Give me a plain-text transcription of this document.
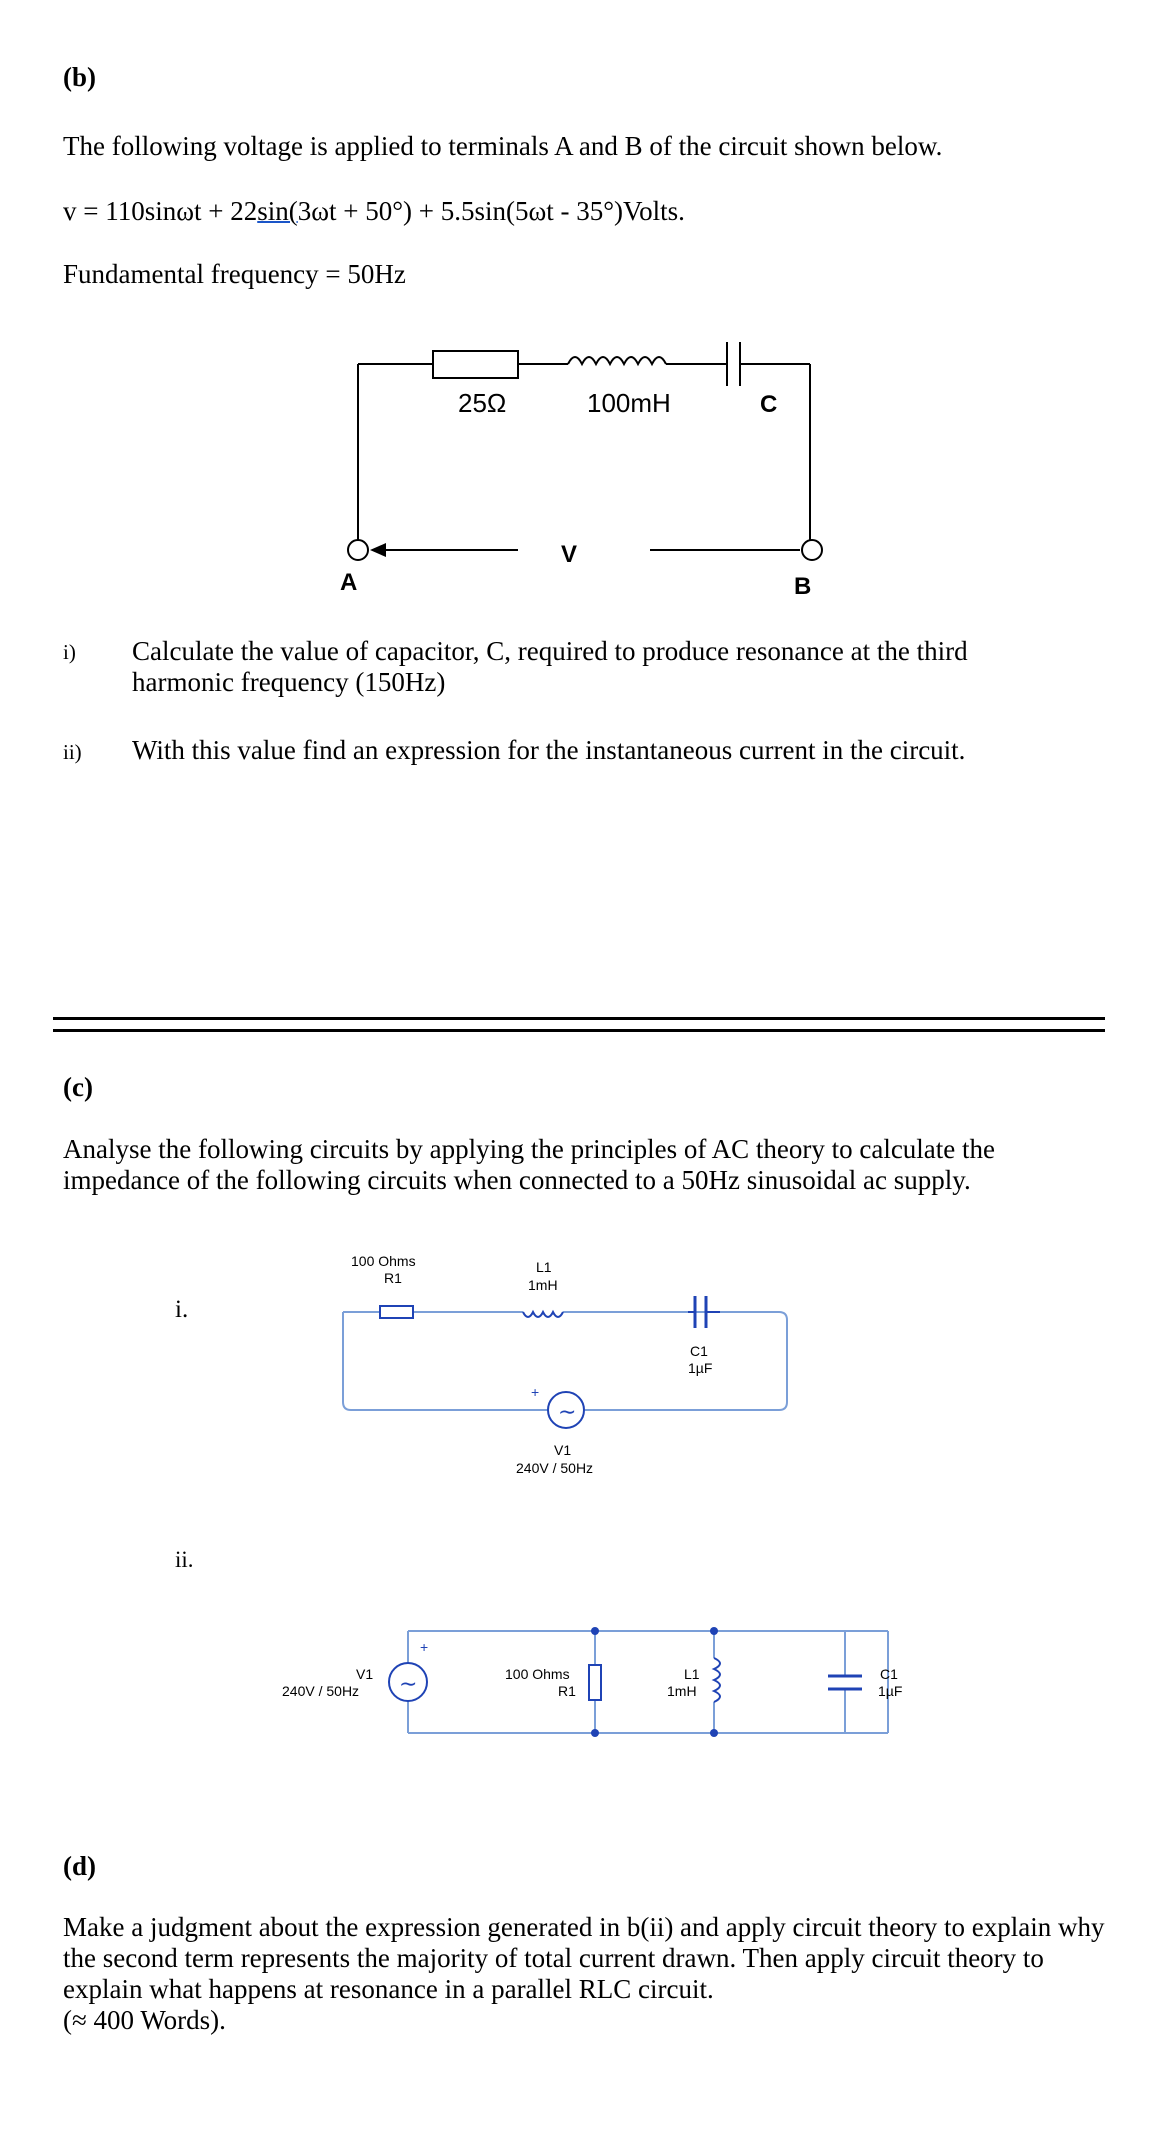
(b)
The following voltage is applied to terminals A and B of the circuit shown below.
v = 110sinωt + 22sin(3ωt + 50°) + 5.5sin(5ωt - 35°)Volts.
Fundamental frequency = 50Hz
25Ω	100mH	C
V
A	B
i) Calculate the value of capacitor, C, required to produce resonance at the third harmonic frequency (150Hz)
ii) With this value find an expression for the instantaneous current in the circuit.
(c)
Analyse the following circuits by applying the principles of AC theory to calculate the impedance of the following circuits when connected to a 50Hz sinusoidal ac supply.
i.
∼
+
100 Ohms
R1
L1
1mH
C1
1µF
V1
240V / 50Hz
ii.
∼
+
V1
240V / 50Hz
100 Ohms
R1
L1
1mH
C1
1µF
(d)
Make a judgment about the expression generated in b(ii) and apply circuit theory to explain why the second term represents the majority of total current drawn. Then apply circuit theory to explain what happens at resonance in a parallel RLC circuit.
(≈ 400 Words).
